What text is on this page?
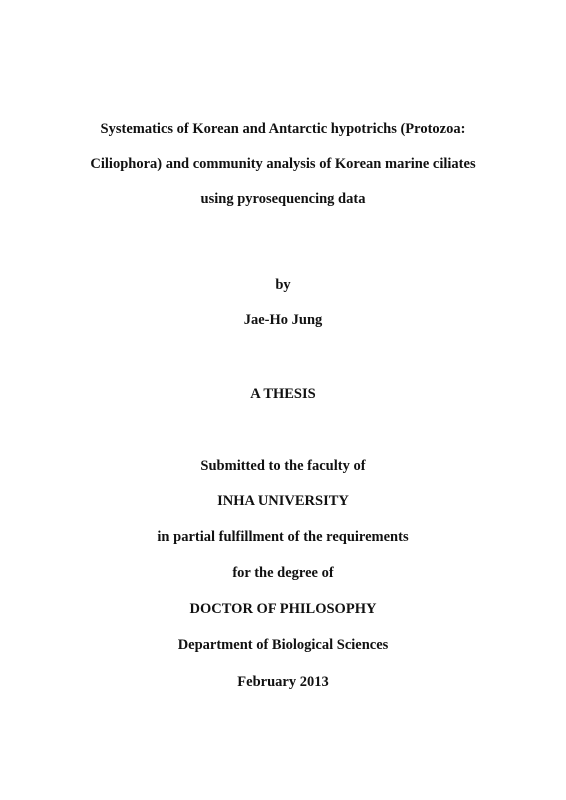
Systematics of Korean and Antarctic hypotrichs (Protozoa:
Ciliophora) and community analysis of Korean marine ciliates
using pyrosequencing data
by
Jae-Ho Jung
A THESIS
Submitted to the faculty of
INHA UNIVERSITY
in partial fulfillment of the requirements
for the degree of
DOCTOR OF PHILOSOPHY
Department of Biological Sciences
February 2013
